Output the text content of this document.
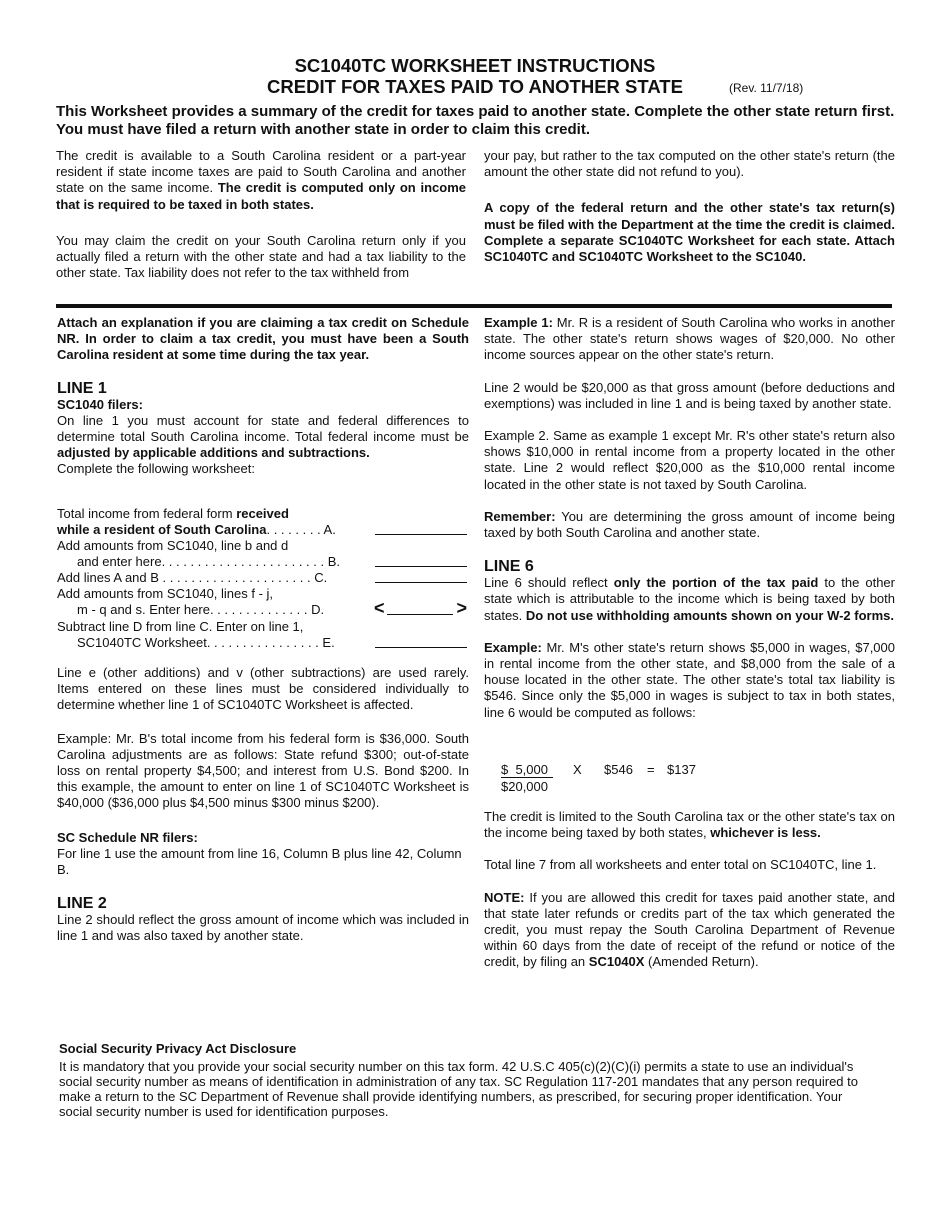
SC1040TC WORKSHEET INSTRUCTIONS
CREDIT FOR TAXES PAID TO ANOTHER STATE	(Rev. 11/7/18)
This Worksheet provides a summary of the credit for taxes paid to another state. Complete the other state return first. You must have filed a return with another state in order to claim this credit.

The credit is available to a South Carolina resident or a part-year resident if state income taxes are paid to South Carolina and another state on the same income. The credit is computed only on income that is required to be taxed in both states.

You may claim the credit on your South Carolina return only if you actually filed a return with the other state and had a tax liability to the other state. Tax liability does not refer to the tax withheld from

your pay, but rather to the tax computed on the other state's return (the amount the other state did not refund to you).

A copy of the federal return and the other state's tax return(s) must be filed with the Department at the time the credit is claimed. Complete a separate SC1040TC Worksheet for each state. Attach SC1040TC and SC1040TC Worksheet to the SC1040.

Attach an explanation if you are claiming a tax credit on Schedule NR. In order to claim a tax credit, you must have been a South Carolina resident at some time during the tax year.

LINE 1
SC1040 filers:

On line 1 you must account for state and federal differences to determine total South Carolina income. Total federal income must be adjusted by applicable additions and subtractions.

Complete the following worksheet:

Total income from federal form received
while a resident of South Carolina. . . . . . . . A.
Add amounts from SC1040, line b and d
and enter here. . . . . . . . . . . . . . . . . . . . . . . B.
Add lines A and B . . . . . . . . . . . . . . . . . . . . . C.
Add amounts from SC1040, lines f - j,
m - q and s. Enter here. . . . . . . . . . . . . . D.	<	>
Subtract line D from line C. Enter on line 1,
SC1040TC Worksheet. . . . . . . . . . . . . . . . E.

Line e (other additions) and v (other subtractions) are used rarely. Items entered on these lines must be considered individually to determine whether line 1 of SC1040TC Worksheet is affected.

Example: Mr. B's total income from his federal form is $36,000. South Carolina adjustments are as follows: State refund $300; out-of-state loss on rental property $4,500; and interest from U.S. Bond $200. In this example, the amount to enter on line 1 of SC1040TC Worksheet is $40,000 ($36,000 plus $4,500 minus $300 minus $200).

SC Schedule NR filers:

For line 1 use the amount from line 16, Column B plus line 42, Column B.

LINE 2

Line 2 should reflect the gross amount of income which was included in line 1 and was also taxed by another state.

Example 1: Mr. R is a resident of South Carolina who works in another state. The other state's return shows wages of $20,000. No other income sources appear on the other state's return.

Line 2 would be $20,000 as that gross amount (before deductions and exemptions) was included in line 1 and is being taxed by another state.

Example 2. Same as example 1 except Mr. R's other state's return also shows $10,000 in rental income from a property located in the other state. Line 2 would reflect $20,000 as the $10,000 rental income located in the other state is not taxed by South Carolina.

Remember: You are determining the gross amount of income being taxed by both South Carolina and another state.

LINE 6

Line 6 should reflect only the portion of the tax paid to the other state which is attributable to the income which is being taxed by both states. Do not use withholding amounts shown on your W-2 forms.

Example: Mr. M's other state's return shows $5,000 in wages, $7,000 in rental income from the other state, and $8,000 from the sale of a house located in the other state. The other state's total tax liability is $546. Since only the $5,000 in wages is subject to tax in both states, line 6 would be computed as follows:

$  5,000
$20,000
X $546 = $137

The credit is limited to the South Carolina tax or the other state's tax on the income being taxed by both states, whichever is less.

Total line 7 from all worksheets and enter total on SC1040TC, line 1.

NOTE: If you are allowed this credit for taxes paid another state, and that state later refunds or credits part of the tax which generated the credit, you must repay the South Carolina Department of Revenue within 60 days from the date of receipt of the refund or notice of the credit, by filing an SC1040X (Amended Return).

Social Security Privacy Act Disclosure
It is mandatory that you provide your social security number on this tax form. 42 U.S.C 405(c)(2)(C)(i) permits a state to use an individual's social security number as means of identification in administration of any tax. SC Regulation 117-201 mandates that any person required to make a return to the SC Department of Revenue shall provide identifying numbers, as prescribed, for securing proper identification. Your social security number is used for identification purposes.
